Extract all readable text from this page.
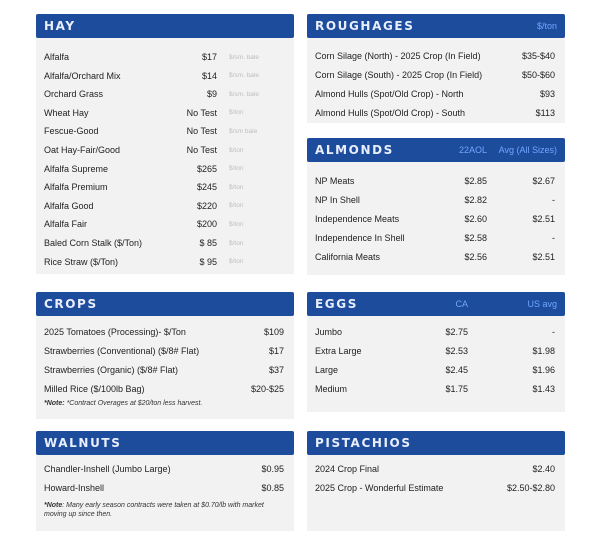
HAY
Alfalfa	$17 $/sm. bale
Alfalfa/Orchard Mix	$14 $/sm. bale
Orchard Grass	$9 $/sm. bale
Wheat Hay	No Test $/ton
Fescue-Good	No Test $/sm bale
Oat Hay-Fair/Good	No Test $/ton
Alfalfa Supreme	$265 $/ton
Alfalfa Premium	$245 $/ton
Alfalfa Good	$220 $/ton
Alfalfa Fair	$200 $/ton
Baled Corn Stalk ($/Ton)	$ 85 $/ton
Rice Straw ($/Ton)	$ 95 $/ton
ROUGHAGES	$/ton
Corn Silage (North) - 2025 Crop (In Field)	$35-$40
Corn Silage (South) - 2025 Crop (In Field)	$50-$60
Almond Hulls (Spot/Old Crop) - North	$93
Almond Hulls (Spot/Old Crop) - South	$113
ALMONDS	22AOL Avg (All Sizes)
NP Meats	$2.85	$2.67
NP In Shell	$2.82	-
Independence Meats	$2.60	$2.51
Independence In Shell	$2.58	-
California Meats	$2.56	$2.51
CROPS
2025 Tomatoes (Processing)- $/Ton	$109
Strawberries (Conventional) ($/8# Flat)	$17
Strawberries (Organic) ($/8# Flat)	$37
Milled Rice ($/100lb Bag)	$20-$25
*Note: *Contract Overages at $20/ton less harvest.
EGGS	CA	US avg
Jumbo	$2.75	-
Extra Large	$2.53	$1.98
Large	$2.45	$1.96
Medium	$1.75	$1.43
WALNUTS
Chandler-Inshell (Jumbo Large)	$0.95
Howard-Inshell	$0.85
*Note: Many early season contracts were taken at $0.70/lb with market moving up since then.
PISTACHIOS
2024 Crop Final	$2.40
2025 Crop - Wonderful Estimate	$2.50-$2.80
